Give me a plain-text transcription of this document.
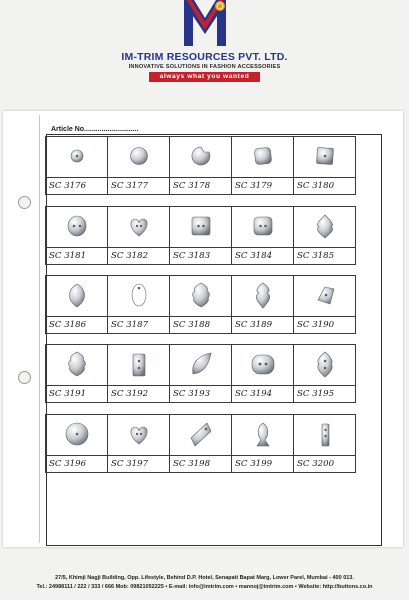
IM-TRIM RESOURCES PVT. LTD.
INNOVATIVE SOLUTIONS IN FASHION ACCESSORIES
always what you wanted
Article No............................
SC 3176	SC 3177	SC 3178	SC 3179	SC 3180
SC 3181	SC 3182	SC 3183	SC 3184	SC 3185
SC 3186	SC 3187	SC 3188	SC 3189	SC 3190
SC 3191	SC 3192	SC 3193	SC 3194	SC 3195
SC 3196	SC 3197	SC 3198	SC 3199	SC 3200
27/5, Khimji Nagji Building, Opp. Lifestyle, Behind D.P. Hotel, Senapati Bapat Marg, Lower Parel, Mumbai - 400 013.
Tel.: 24988111 / 222 / 333 / 666 Mob: 09821052225 • E-mail: info@imtrim.com • mannoj@imtrim.com • Website: http://buttons.co.in
